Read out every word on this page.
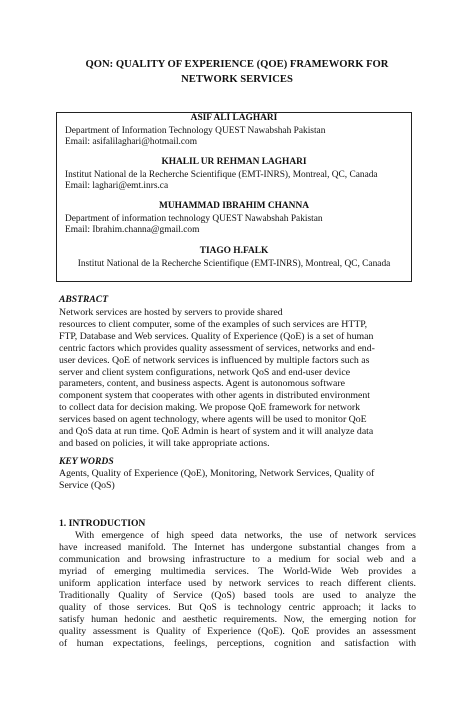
QON: QUALITY OF EXPERIENCE (QOE) FRAMEWORK FOR
NETWORK SERVICES
ASIF ALI LAGHARI
Department of Information Technology QUEST Nawabshah Pakistan
Email: asifalilaghari@hotmail.com
KHALIL UR REHMAN LAGHARI
Institut National de la Recherche Scientifique (EMT-INRS), Montreal, QC, Canada
Email: laghari@emt.inrs.ca
MUHAMMAD IBRAHIM CHANNA
Department of information technology QUEST Nawabshah Pakistan
Email: Ibrahim.channa@gmail.com
TIAGO H.FALK
Institut National de la Recherche Scientifique (EMT-INRS), Montreal, QC, Canada
ABSTRACT
Network services are hosted by servers to provide shared
resources to client computer, some of the examples of such services are HTTP,
FTP, Database and Web services. Quality of Experience (QoE) is a set of human
centric factors which provides quality assessment of services, networks and end-
user devices. QoE of network services is influenced by multiple factors such as
server and client system configurations, network QoS and end-user device
parameters, content, and business aspects. Agent is autonomous software
component system that cooperates with other agents in distributed environment
to collect data for decision making. We propose QoE framework for network
services based on agent technology, where agents will be used to monitor QoE
and QoS data at run time. QoE Admin is heart of system and it will analyze data
and based on policies, it will take appropriate actions.
KEY WORDS
Agents, Quality of Experience (QoE), Monitoring, Network Services, Quality of
Service (QoS)
1. INTRODUCTION
With emergence of high speed data networks, the use of network services
have increased manifold. The Internet has undergone substantial changes from a
communication and browsing infrastructure to a medium for social web and a
myriad of emerging multimedia services. The World-Wide Web provides a
uniform application interface used by network services to reach different clients.
Traditionally Quality of Service (QoS) based tools are used to analyze the
quality of those services. But QoS is technology centric approach; it lacks to
satisfy human hedonic and aesthetic requirements. Now, the emerging notion for
quality assessment is Quality of Experience (QoE). QoE provides an assessment
of human expectations, feelings, perceptions, cognition and satisfaction with
